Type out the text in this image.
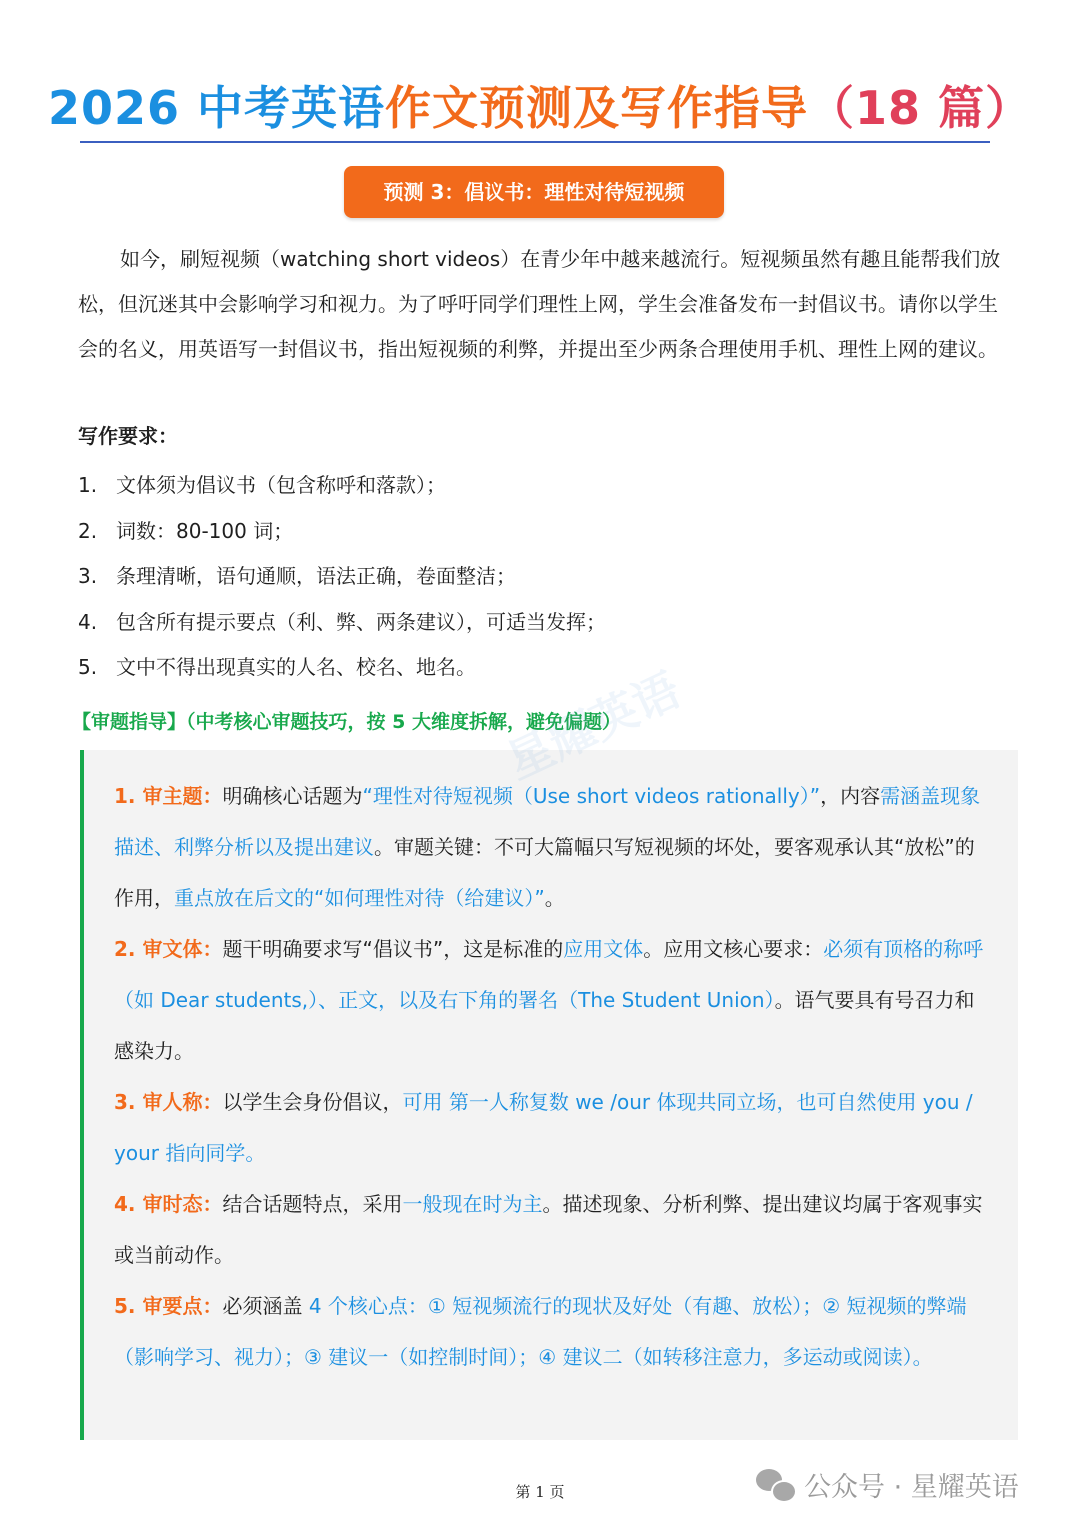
2026 中考英语作文预测及写作指导（18 篇）
预测 3：倡议书：理性对待短视频

如今，刷短视频（watching short videos）在青少年中越来越流行。短视频虽然有趣且能帮我们放松，但沉迷其中会影响学习和视力。为了呼吁同学们理性上网，学生会准备发布一封倡议书。请你以学生会的名义，用英语写一封倡议书，指出短视频的利弊，并提出至少两条合理使用手机、理性上网的建议。

写作要求：
1. 文体须为倡议书（包含称呼和落款）；
2. 词数：80-100 词；
3. 条理清晰，语句通顺，语法正确，卷面整洁；
4. 包含所有提示要点（利、弊、两条建议），可适当发挥；
5. 文中不得出现真实的人名、校名、地名。
【审题指导】（中考核心审题技巧，按 5 大维度拆解，避免偏题）
星耀英语

1. 审主题：明确核心话题为“理性对待短视频（Use short videos rationally）”，内容需涵盖现象描述、利弊分析以及提出建议。审题关键：不可大篇幅只写短视频的坏处，要客观承认其“放松”的作用，重点放在后文的“如何理性对待（给建议）”。

2. 审文体：题干明确要求写“倡议书”，这是标准的应用文体。应用文核心要求：必须有顶格的称呼（如 Dear students,）、正文，以及右下角的署名（The Student Union）。语气要具有号召力和感染力。

3. 审人称：以学生会身份倡议，可用 第一人称复数 we /our 体现共同立场，也可自然使用 you / your 指向同学。

4. 审时态：结合话题特点，采用一般现在时为主。描述现象、分析利弊、提出建议均属于客观事实或当前动作。

5. 审要点：必须涵盖 4 个核心点：① 短视频流行的现状及好处（有趣、放松）；② 短视频的弊端（影响学习、视力）；③ 建议一（如控制时间）；④ 建议二（如转移注意力，多运动或阅读）。

第 1 页	公众号 · 星耀英语
